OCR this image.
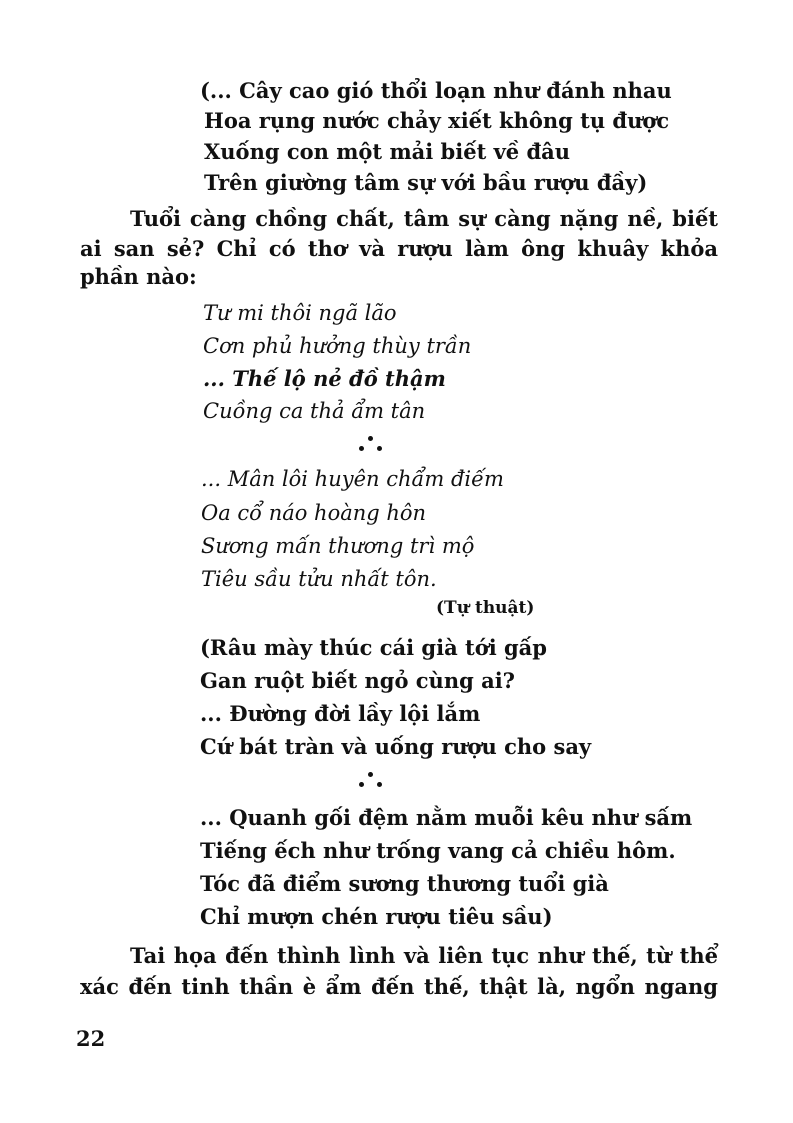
(... Cây cao gió thổi loạn như đánh nhau
Hoa rụng nước chảy xiết không tụ được
Xuống con một mải biết về đâu
Trên giường tâm sự với bầu rượu đầy)
Tuổi càng chồng chất, tâm sự càng nặng nề, biết
ai san sẻ? Chỉ có thơ và rượu làm ông khuây khỏa
phần nào:
Tư mi thôi ngã lão
Cơn phủ hưởng thùy trần
... Thế lộ nẻ đồ thậm
Cuồng ca thả ẩm tân
... Mân lôi huyên chẩm điếm
Oa cổ náo hoàng hôn
Sương mấn thương trì mộ
Tiêu sầu tửu nhất tôn.
(Tự thuật)
(Râu mày thúc cái già tới gấp
Gan ruột biết ngỏ cùng ai?
... Đường đời lầy lội lắm
Cứ bát tràn và uống rượu cho say
... Quanh gối đệm nằm muỗi kêu như sấm
Tiếng ếch như trống vang cả chiều hôm.
Tóc đã điểm sương thương tuổi già
Chỉ mượn chén rượu tiêu sầu)
Tai họa đến thình lình và liên tục như thế, từ thể
xác đến tinh thần è ẩm đến thế, thật là, ngổn ngang
22
